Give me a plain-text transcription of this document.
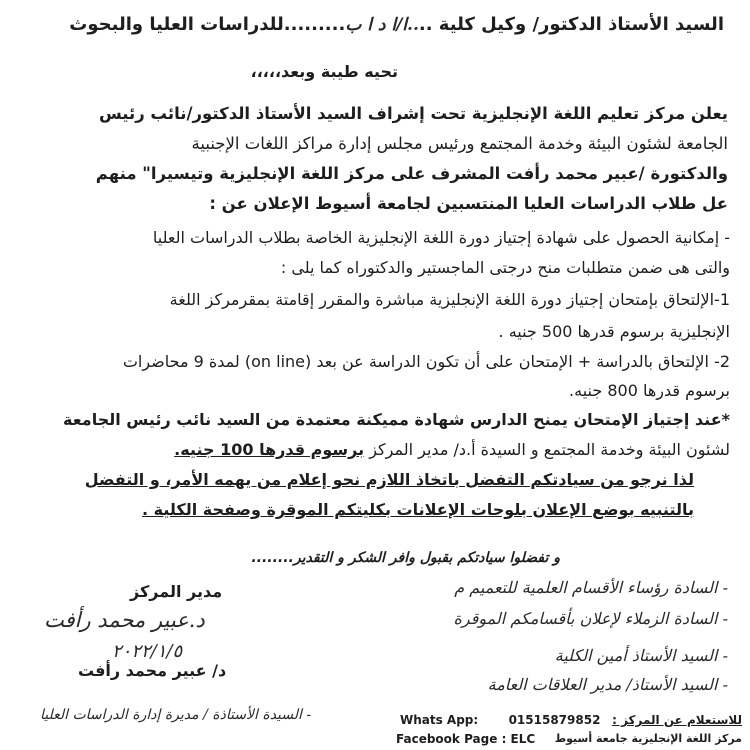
السيد الأستاذ الدكتور/ وكيل كلية ....ا/ا د ا ب.........للدراسات العليا والبحوث
تحيه طيبة وبعد،،،،،
يعلن مركز تعليم اللغة الإنجليزية تحت إشراف السيد الأستاذ الدكتور/نائب رئيس
الجامعة لشئون البيئة وخدمة المجتمع ورئيس مجلس إدارة مراكز اللغات الإجنبية
والدكتورة /عبير محمد رأفت المشرف على مركز اللغة الإنجليزية وتيسيرا" منهم
عل طلاب الدراسات العليا المنتسبين لجامعة أسيوط الإعلان عن :
- إمكانية الحصول على شهادة إجتياز دورة اللغة الإنجليزية الخاصة بطلاب الدراسات العليا
والتى هى ضمن متطلبات منح درجتى الماجستير والدكتوراه كما يلى :
1-الإلتحاق بإمتحان إجتياز دورة اللغة الإنجليزية مباشرة والمقرر إقامتة بمقرمركز اللغة
الإنجليزية برسوم قدرها 500 جنيه .
2- الإلتحاق بالدراسة + الإمتحان على أن تكون الدراسة عن بعد (on line) لمدة 9 محاضرات
برسوم قدرها 800 جنيه.
*عند إجتياز الإمتحان يمنح الدارس شهادة مميكنة معتمدة من السيد نائب رئيس الجامعة
لشئون البيئة وخدمة المجتمع و السيدة أ.د/ مدير المركز برسوم قدرها 100 جنيه.
لذا نرجو من سيادتكم التفضل باتخاذ اللازم نحو إعلام من يهمه الأمر، و التفضل
بالتنبيه بوضع الإعلان بلوحات الإعلانات بكليتكم الموقرة وصفحة الكلية .
و تفضلوا سيادتكم بقبول وافر الشكر و التقدير........
مدير المركز
د.عبير محمد رأفت
٢٠٢٢/١/٥
د/ عبير محمد رأفت
- السادة رؤساء الأقسام العلمية للتعميم م
- السادة الزملاء لإعلان بأقسامكم الموقرة
- السيد الأستاذ أمين الكلية
- السيد الأستاذ/ مدير العلاقات العامة
- السيدة الأستاذة / مديرة إدارة الدراسات العليا	للاستعلام عن المركز :
Whats App:	01515879852
مركز اللغة الإنجليزية جامعة أسيوط
Facebook Page : ELC
